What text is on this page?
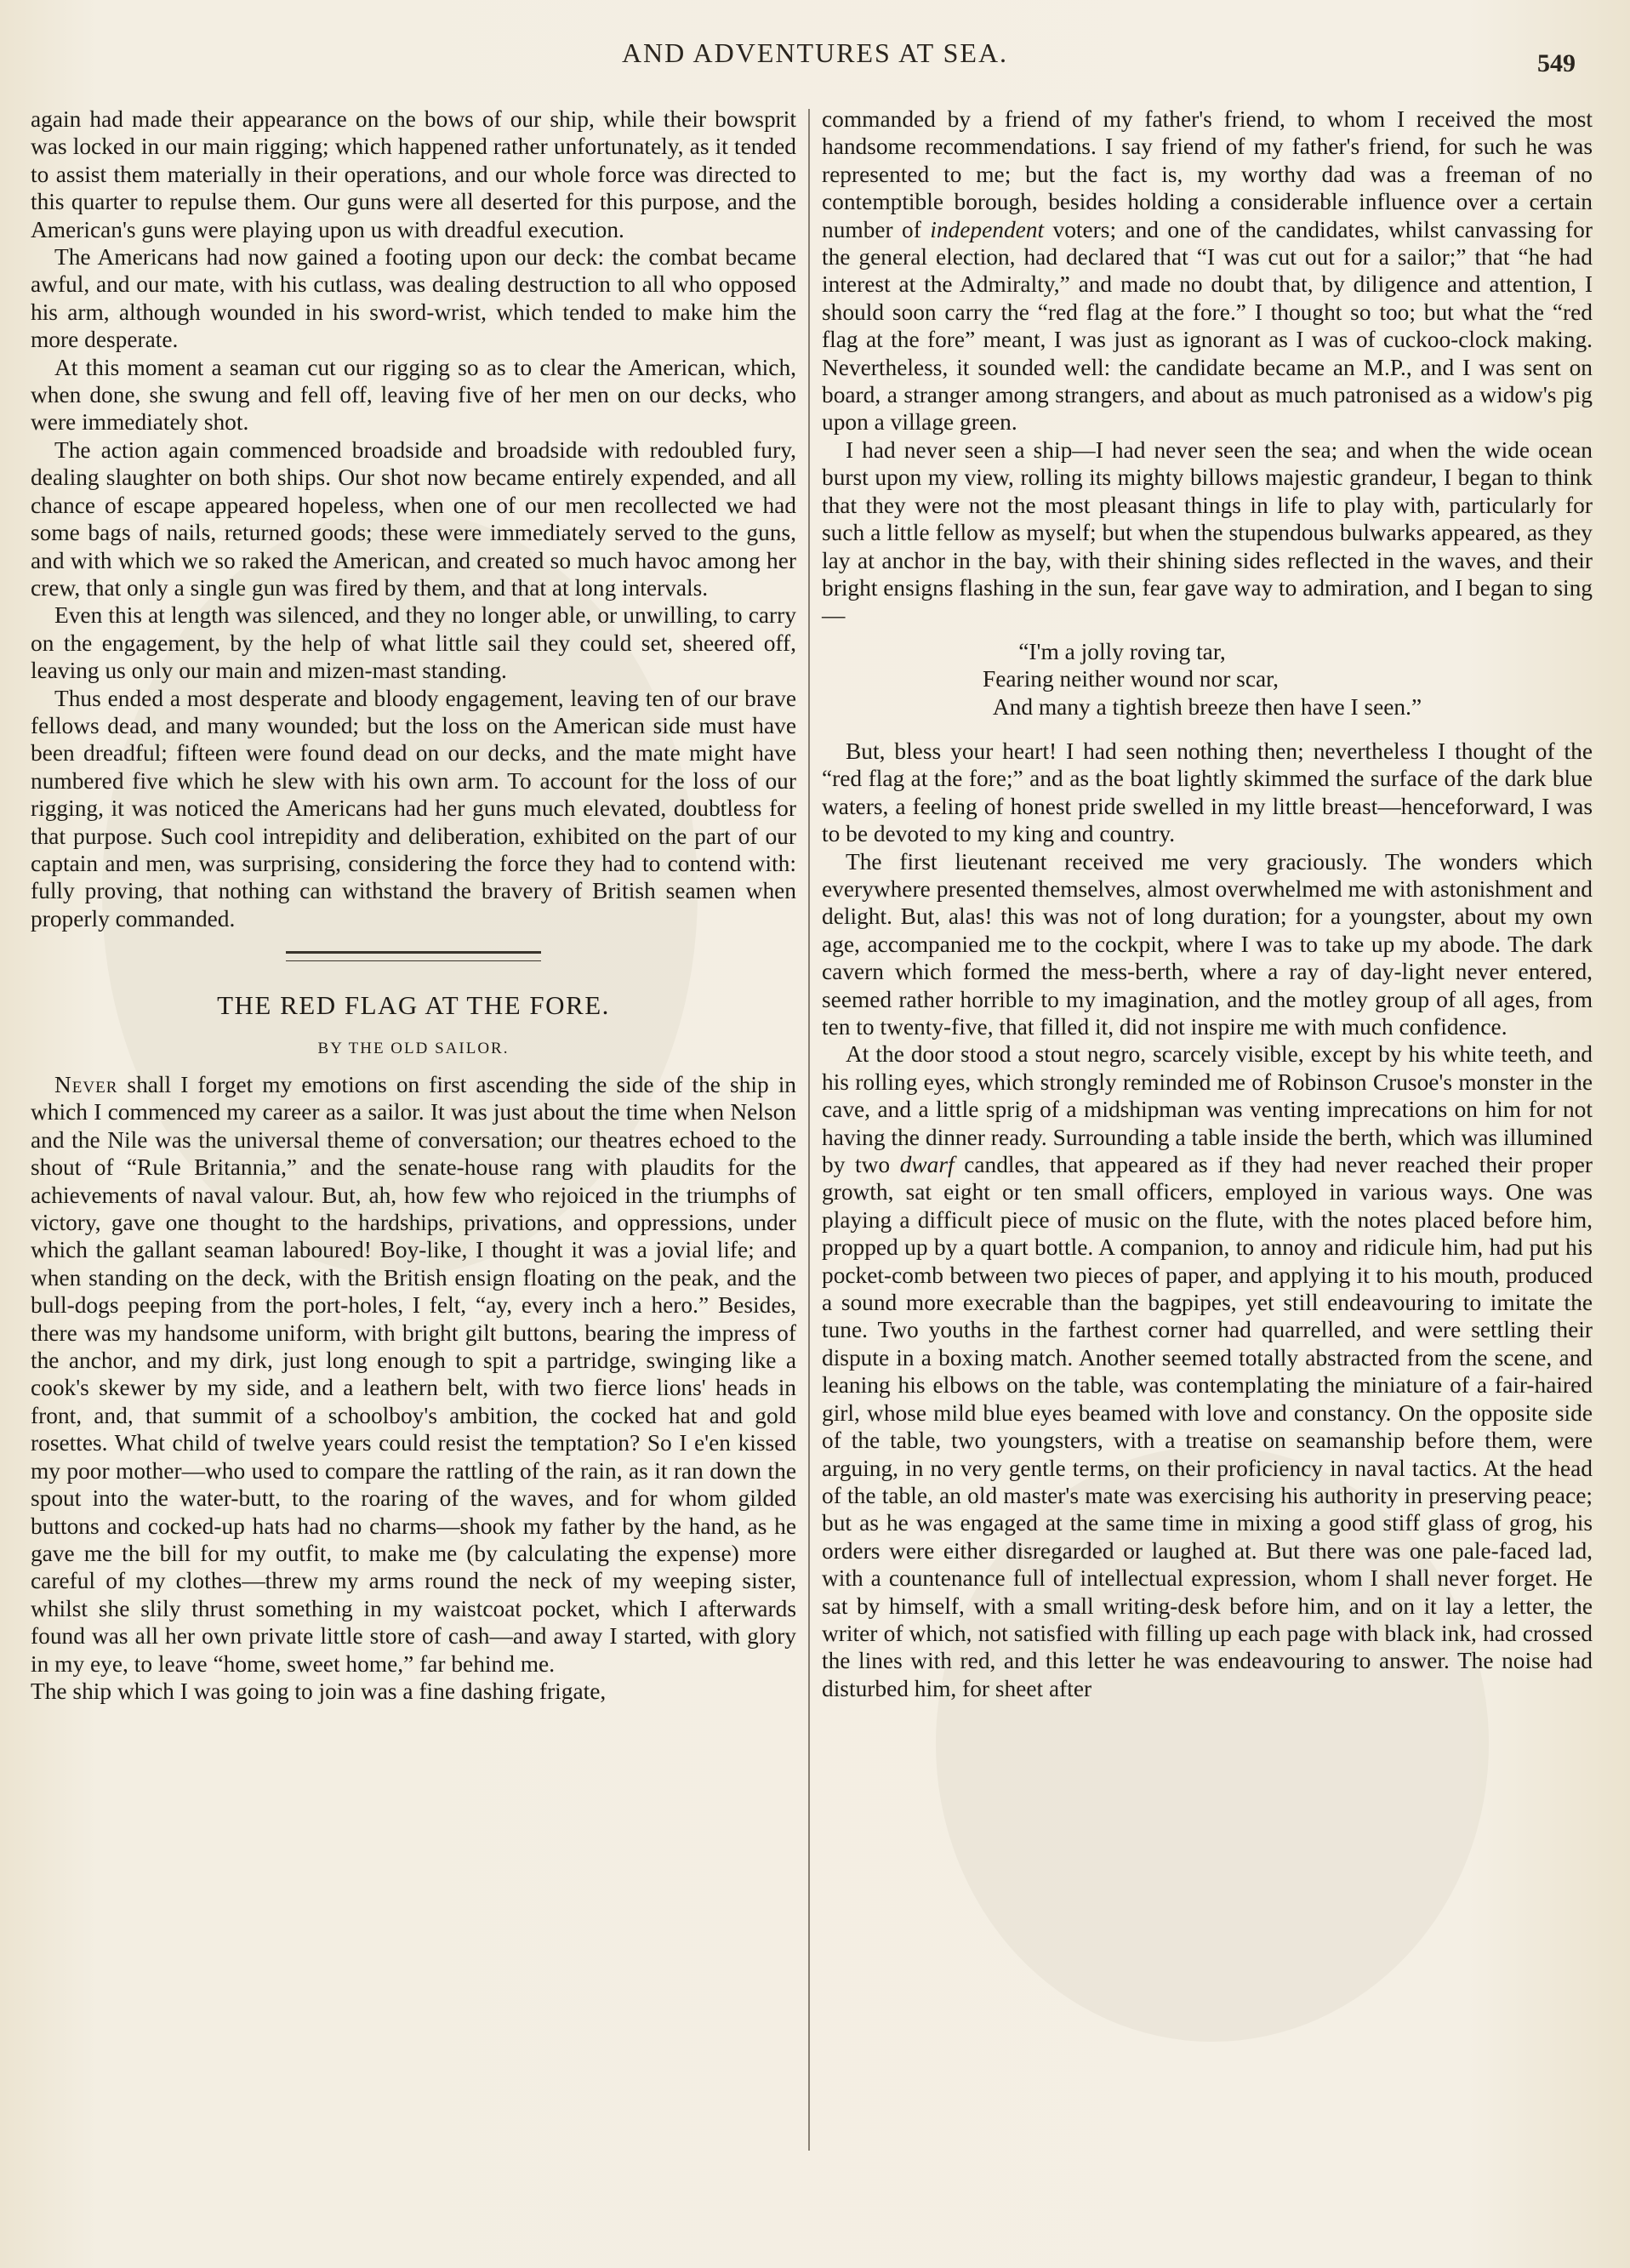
AND ADVENTURES AT SEA.	549

again had made their appearance on the bows of our ship, while their bowsprit was locked in our main rigging; which happened rather unfortunately, as it tended to assist them materially in their operations, and our whole force was directed to this quarter to repulse them. Our guns were all deserted for this purpose, and the American's guns were playing upon us with dreadful execution.

The Americans had now gained a footing upon our deck: the combat became awful, and our mate, with his cutlass, was dealing destruction to all who opposed his arm, although wounded in his sword-wrist, which tended to make him the more desperate.

At this moment a seaman cut our rigging so as to clear the American, which, when done, she swung and fell off, leaving five of her men on our decks, who were immediately shot.

The action again commenced broadside and broadside with redoubled fury, dealing slaughter on both ships. Our shot now became entirely expended, and all chance of escape appeared hopeless, when one of our men recollected we had some bags of nails, returned goods; these were immediately served to the guns, and with which we so raked the American, and created so much havoc among her crew, that only a single gun was fired by them, and that at long intervals.

Even this at length was silenced, and they no longer able, or unwilling, to carry on the engagement, by the help of what little sail they could set, sheered off, leaving us only our main and mizen-mast standing.

Thus ended a most desperate and bloody engagement, leaving ten of our brave fellows dead, and many wounded; but the loss on the American side must have been dreadful; fifteen were found dead on our decks, and the mate might have numbered five which he slew with his own arm. To account for the loss of our rigging, it was noticed the Americans had her guns much elevated, doubtless for that purpose. Such cool intrepidity and deliberation, exhibited on the part of our captain and men, was surprising, considering the force they had to contend with: fully proving, that nothing can withstand the bravery of British seamen when properly commanded.

THE RED FLAG AT THE FORE.

BY THE OLD SAILOR.

Never shall I forget my emotions on first ascending the side of the ship in which I commenced my career as a sailor. It was just about the time when Nelson and the Nile was the universal theme of conversation; our theatres echoed to the shout of “Rule Britannia,” and the senate-house rang with plaudits for the achievements of naval valour. But, ah, how few who rejoiced in the triumphs of victory, gave one thought to the hardships, privations, and oppressions, under which the gallant seaman laboured! Boy-like, I thought it was a jovial life; and when standing on the deck, with the British ensign floating on the peak, and the bull-dogs peeping from the port-holes, I felt, “ay, every inch a hero.” Besides, there was my handsome uniform, with bright gilt buttons, bearing the impress of the anchor, and my dirk, just long enough to spit a partridge, swinging like a cook's skewer by my side, and a leathern belt, with two fierce lions' heads in front, and, that summit of a schoolboy's ambition, the cocked hat and gold rosettes. What child of twelve years could resist the temptation? So I e'en kissed my poor mother—who used to compare the rattling of the rain, as it ran down the spout into the water-butt, to the roaring of the waves, and for whom gilded buttons and cocked-up hats had no charms—shook my father by the hand, as he gave me the bill for my outfit, to make me (by calculating the expense) more careful of my clothes—threw my arms round the neck of my weeping sister, whilst she slily thrust something in my waistcoat pocket, which I afterwards found was all her own private little store of cash—and away I started, with glory in my eye, to leave “home, sweet home,” far behind me.

The ship which I was going to join was a fine dashing frigate,

commanded by a friend of my father's friend, to whom I received the most handsome recommendations. I say friend of my father's friend, for such he was represented to me; but the fact is, my worthy dad was a freeman of no contemptible borough, besides holding a considerable influence over a certain number of independent voters; and one of the candidates, whilst canvassing for the general election, had declared that “I was cut out for a sailor;” that “he had interest at the Admiralty,” and made no doubt that, by diligence and attention, I should soon carry the “red flag at the fore.” I thought so too; but what the “red flag at the fore” meant, I was just as ignorant as I was of cuckoo-clock making. Nevertheless, it sounded well: the candidate became an M.P., and I was sent on board, a stranger among strangers, and about as much patronised as a widow's pig upon a village green.

I had never seen a ship—I had never seen the sea; and when the wide ocean burst upon my view, rolling its mighty billows majestic grandeur, I began to think that they were not the most pleasant things in life to play with, particularly for such a little fellow as myself; but when the stupendous bulwarks appeared, as they lay at anchor in the bay, with their shining sides reflected in the waves, and their bright ensigns flashing in the sun, fear gave way to admiration, and I began to sing—

“I'm a jolly roving tar,
Fearing neither wound nor scar,
And many a tightish breeze then have I seen.”

But, bless your heart! I had seen nothing then; nevertheless I thought of the “red flag at the fore;” and as the boat lightly skimmed the surface of the dark blue waters, a feeling of honest pride swelled in my little breast—henceforward, I was to be devoted to my king and country.

The first lieutenant received me very graciously. The wonders which everywhere presented themselves, almost overwhelmed me with astonishment and delight. But, alas! this was not of long duration; for a youngster, about my own age, accompanied me to the cockpit, where I was to take up my abode. The dark cavern which formed the mess-berth, where a ray of day-light never entered, seemed rather horrible to my imagination, and the motley group of all ages, from ten to twenty-five, that filled it, did not inspire me with much confidence.

At the door stood a stout negro, scarcely visible, except by his white teeth, and his rolling eyes, which strongly reminded me of Robinson Crusoe's monster in the cave, and a little sprig of a midshipman was venting imprecations on him for not having the dinner ready. Surrounding a table inside the berth, which was illumined by two dwarf candles, that appeared as if they had never reached their proper growth, sat eight or ten small officers, employed in various ways. One was playing a difficult piece of music on the flute, with the notes placed before him, propped up by a quart bottle. A companion, to annoy and ridicule him, had put his pocket-comb between two pieces of paper, and applying it to his mouth, produced a sound more execrable than the bagpipes, yet still endeavouring to imitate the tune. Two youths in the farthest corner had quarrelled, and were settling their dispute in a boxing match. Another seemed totally abstracted from the scene, and leaning his elbows on the table, was contemplating the miniature of a fair-haired girl, whose mild blue eyes beamed with love and constancy. On the opposite side of the table, two youngsters, with a treatise on seamanship before them, were arguing, in no very gentle terms, on their proficiency in naval tactics. At the head of the table, an old master's mate was exercising his authority in preserving peace; but as he was engaged at the same time in mixing a good stiff glass of grog, his orders were either disregarded or laughed at. But there was one pale-faced lad, with a countenance full of intellectual expression, whom I shall never forget. He sat by himself, with a small writing-desk before him, and on it lay a letter, the writer of which, not satisfied with filling up each page with black ink, had crossed the lines with red, and this letter he was endeavouring to answer. The noise had disturbed him, for sheet after
